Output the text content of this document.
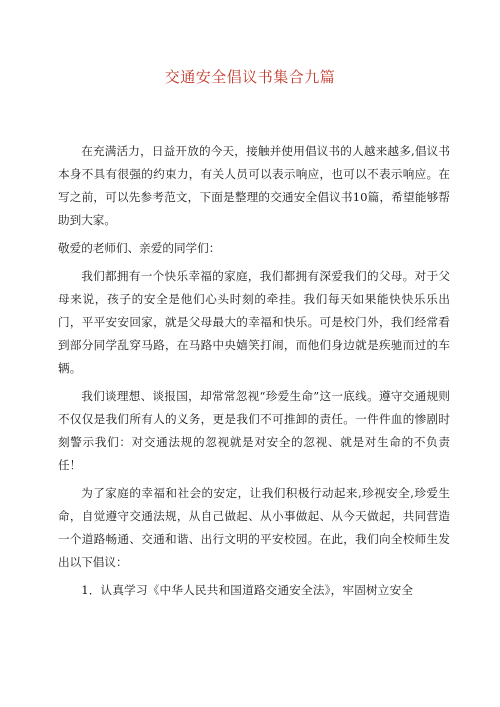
交通安全倡议书集合九篇

在充满活力，日益开放的今天，接触并使用倡议书的人越来越多,倡议书本身不具有很强的约束力，有关人员可以表示响应，也可以不表示响应。在写之前，可以先参考范文，下面是整理的交通安全倡议书10篇，希望能够帮助到大家。

敬爱的老师们、亲爱的同学们：

我们都拥有一个快乐幸福的家庭，我们都拥有深爱我们的父母。对于父母来说，孩子的安全是他们心头时刻的牵挂。我们每天如果能快快乐乐出门，平平安安回家，就是父母最大的幸福和快乐。可是校门外，我们经常看到部分同学乱穿马路，在马路中央嬉笑打闹，而他们身边就是疾驰而过的车辆。

我们谈理想、谈报国，却常常忽视“珍爱生命”这一底线。遵守交通规则不仅仅是我们所有人的义务，更是我们不可推卸的责任。一件件血的惨剧时刻警示我们：对交通法规的忽视就是对安全的忽视、就是对生命的不负责任！

为了家庭的幸福和社会的安定，让我们积极行动起来,珍视安全,珍爱生命，自觉遵守交通法规，从自己做起、从小事做起、从今天做起，共同营造一个道路畅通、交通和谐、出行文明的平安校园。在此，我们向全校师生发出以下倡议：

1．认真学习《中华人民共和国道路交通安全法》，牢固树立安全
